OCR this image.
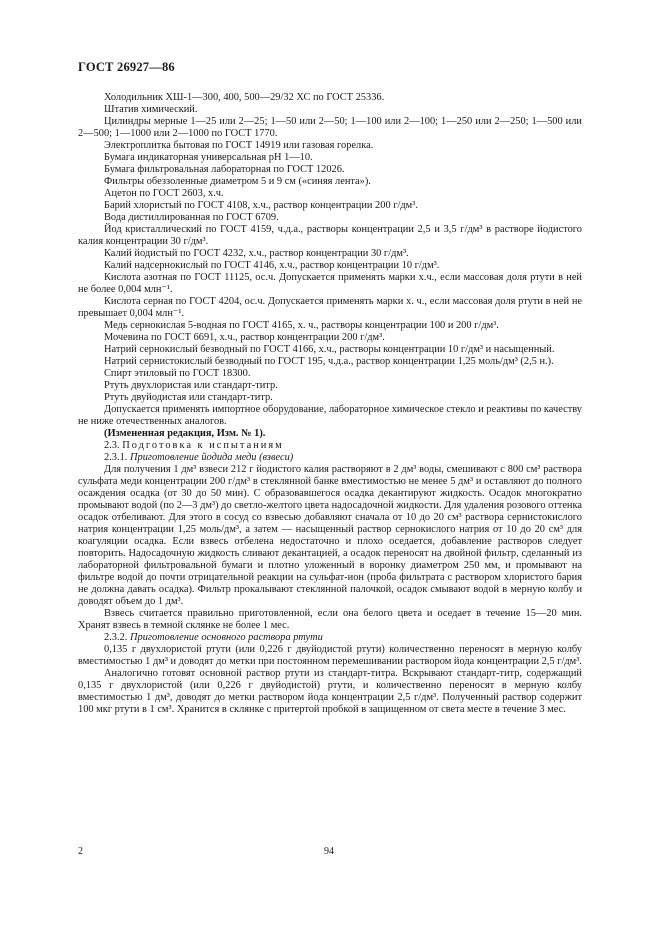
ГОСТ 26927—86

Холодильник ХШ-1—300, 400, 500—29/32 ХС по ГОСТ 25336.

Штатив химический.

Цилиндры мерные 1—25 или 2—25; 1—50 или 2—50; 1—100 или 2—100; 1—250 или 2—250; 1—500 или 2—500; 1—1000 или 2—1000 по ГОСТ 1770.

Электроплитка бытовая по ГОСТ 14919 или газовая горелка.

Бумага индикаторная универсальная рН 1—10.

Бумага фильтровальная лабораторная по ГОСТ 12026.

Фильтры обеззоленные диаметром 5 и 9 см («синяя лента»).

Ацетон по ГОСТ 2603, х.ч.

Барий хлористый по ГОСТ 4108, х.ч., раствор концентрации 200 г/дм³.

Вода дистиллированная по ГОСТ 6709.

Йод кристаллический по ГОСТ 4159, ч.д.а., растворы концентрации 2,5 и 3,5 г/дм³ в растворе йодистого калия концентрации 30 г/дм³.

Калий йодистый по ГОСТ 4232, х.ч., раствор концентрации 30 г/дм³.

Калий надсернокислый по ГОСТ 4146, х.ч., раствор концентрации 10 г/дм³.

Кислота азотная по ГОСТ 11125, ос.ч. Допускается применять марки х.ч., если массовая доля ртути в ней не более 0,004 млн⁻¹.

Кислота серная по ГОСТ 4204, ос.ч. Допускается применять марки х. ч., если массовая доля ртути в ней не превышает 0,004 млн⁻¹.

Медь сернокислая 5-водная по ГОСТ 4165, х. ч., растворы концентрации 100 и 200 г/дм³.

Мочевина по ГОСТ 6691, х.ч., раствор концентрации 200 г/дм³.

Натрий сернокислый безводный по ГОСТ 4166, х.ч., растворы концентрации 10 г/дм³ и насыщенный.

Натрий сернистокислый безводный по ГОСТ 195, ч.д.а., раствор концентрации 1,25 моль/дм³ (2,5 н.).

Спирт этиловый по ГОСТ 18300.

Ртуть двухлористая или стандарт-титр.

Ртуть двуйодистая или стандарт-титр.

Допускается применять импортное оборудование, лабораторное химическое стекло и реактивы по качеству не ниже отечественных аналогов.

(Измененная редакция, Изм. № 1).

2.3. Подготовка к испытаниям

2.3.1. Приготовление йодида меди (взвеси)

Для получения 1 дм³ взвеси 212 г йодистого калия растворяют в 2 дм³ воды, смешивают с 800 см³ раствора сульфата меди концентрации 200 г/дм³ в стеклянной банке вместимостью не менее 5 дм³ и оставляют до полного осаждения осадка (от 30 до 50 мин). С образовавшегося осадка декантируют жидкость. Осадок многократно промывают водой (по 2—3 дм³) до светло-желтого цвета надосадочной жидкости. Для удаления розового оттенка осадок отбеливают. Для этого в сосуд со взвесью добавляют сначала от 10 до 20 см³ раствора сернистокислого натрия концентрации 1,25 моль/дм³, а затем — насыщенный раствор сернокислого натрия от 10 до 20 см³ для коагуляции осадка. Если взвесь отбелена недостаточно и плохо оседается, добавление растворов следует повторить. Надосадочную жидкость сливают декантацией, а осадок переносят на двойной фильтр, сделанный из лабораторной фильтровальной бумаги и плотно уложенный в воронку диаметром 250 мм, и промывают на фильтре водой до почти отрицательной реакции на сульфат-ион (проба фильтрата с раствором хлористого бария не должна давать осадка). Фильтр прокалывают стеклянной палочкой, осадок смывают водой в мерную колбу и доводят объем до 1 дм³.

Взвесь считается правильно приготовленной, если она белого цвета и оседает в течение 15—20 мин. Хранят взвесь в темной склянке не более 1 мес.

2.3.2. Приготовление основного раствора ртути

0,135 г двухлористой ртути (или 0,226 г двуйодистой ртути) количественно переносят в мерную колбу вместимостью 1 дм³ и доводят до метки при постоянном перемешивании раствором йода концентрации 2,5 г/дм³.

Аналогично готовят основной раствор ртути из стандарт-титра. Вскрывают стандарт-титр, содержащий 0,135 г двухлористой (или 0,226 г двуйодистой) ртути, и количественно переносят в мерную колбу вместимостью 1 дм³, доводят до метки раствором йода концентрации 2,5 г/дм³. Полученный раствор содержит 100 мкг ртути в 1 см³. Хранится в склянке с притертой пробкой в защищенном от света месте в течение 3 мес.

2	94
